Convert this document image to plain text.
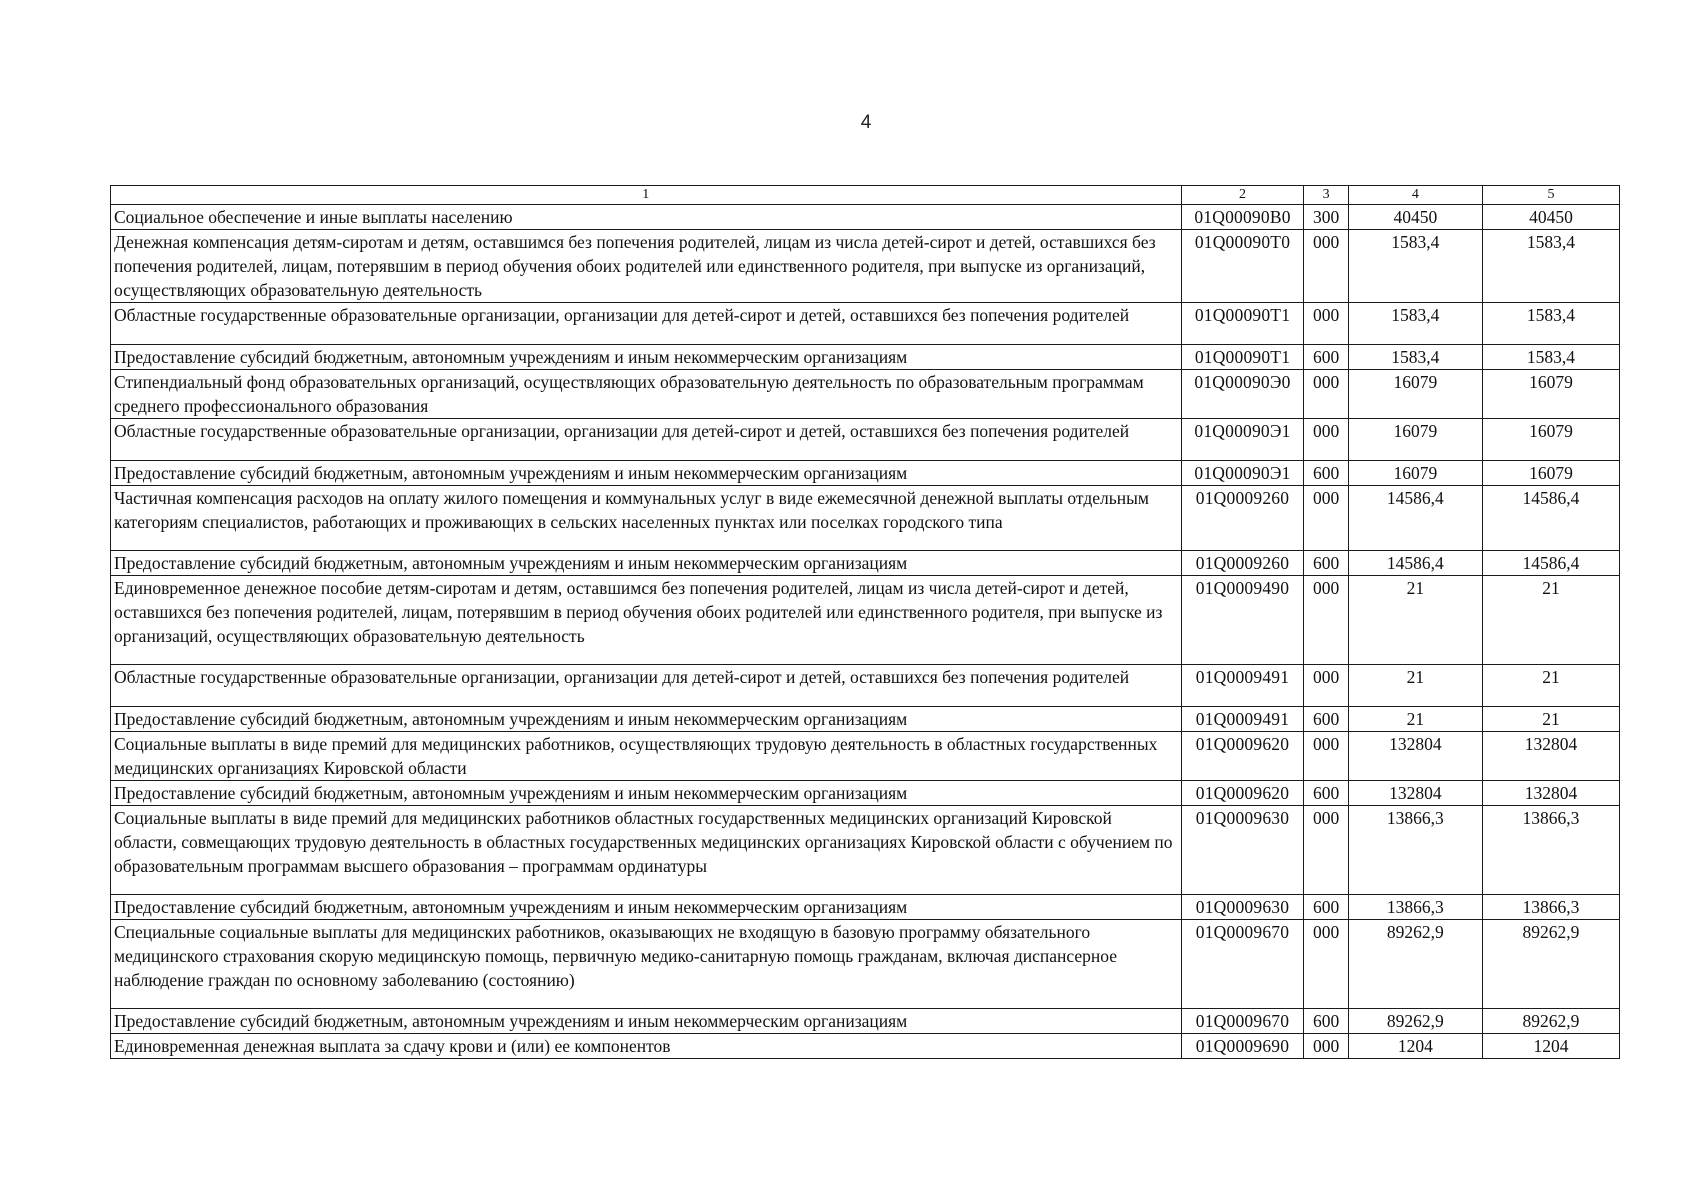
4
1	2	3	4	5
Социальное обеспечение и иные выплаты населению	01Q00090В0	300	40450	40450
Денежная компенсация детям-сиротам и детям, оставшимся без попечения родителей, лицам из числа детей-сирот и детей, оставшихся без попечения родителей, лицам, потерявшим в период обучения обоих родителей или единственного родителя, при выпуске из организаций, осуществляющих образовательную деятельность	01Q00090Т0	000	1583,4	1583,4
Областные государственные образовательные организации, организации для детей-сирот и детей, оставшихся без попечения родителей	01Q00090Т1	000	1583,4	1583,4
Предоставление субсидий бюджетным, автономным учреждениям и иным некоммерческим организациям	01Q00090Т1	600	1583,4	1583,4
Стипендиальный фонд образовательных организаций, осуществляющих образовательную деятельность по образовательным программам среднего профессионального образования	01Q00090Э0	000	16079	16079
Областные государственные образовательные организации, организации для детей-сирот и детей, оставшихся без попечения родителей	01Q00090Э1	000	16079	16079
Предоставление субсидий бюджетным, автономным учреждениям и иным некоммерческим организациям	01Q00090Э1	600	16079	16079
Частичная компенсация расходов на оплату жилого помещения и коммунальных услуг в виде ежемесячной денежной выплаты отдельным категориям специалистов, работающих и проживающих в сельских населенных пунктах или поселках городского типа	01Q0009260	000	14586,4	14586,4
Предоставление субсидий бюджетным, автономным учреждениям и иным некоммерческим организациям	01Q0009260	600	14586,4	14586,4
Единовременное денежное пособие детям-сиротам и детям, оставшимся без попечения родителей, лицам из числа детей-сирот и детей, оставшихся без попечения родителей, лицам, потерявшим в период обучения обоих родителей или единственного родителя, при выпуске из организаций, осуществляющих образовательную деятельность	01Q0009490	000	21	21
Областные государственные образовательные организации, организации для детей-сирот и детей, оставшихся без попечения родителей	01Q0009491	000	21	21
Предоставление субсидий бюджетным, автономным учреждениям и иным некоммерческим организациям	01Q0009491	600	21	21
Социальные выплаты в виде премий для медицинских работников, осуществляющих трудовую деятельность в областных государственных медицинских организациях Кировской области	01Q0009620	000	132804	132804
Предоставление субсидий бюджетным, автономным учреждениям и иным некоммерческим организациям	01Q0009620	600	132804	132804
Социальные выплаты в виде премий для медицинских работников областных государственных медицинских организаций Кировской области, совмещающих трудовую деятельность в областных государственных медицинских организациях Кировской области с обучением по образовательным программам высшего образования – программам ординатуры	01Q0009630	000	13866,3	13866,3
Предоставление субсидий бюджетным, автономным учреждениям и иным некоммерческим организациям	01Q0009630	600	13866,3	13866,3
Специальные социальные выплаты для медицинских работников, оказывающих не входящую в базовую программу обязательного медицинского страхования скорую медицинскую помощь, первичную медико-санитарную помощь гражданам, включая диспансерное наблюдение граждан по основному заболеванию (состоянию)	01Q0009670	000	89262,9	89262,9
Предоставление субсидий бюджетным, автономным учреждениям и иным некоммерческим организациям	01Q0009670	600	89262,9	89262,9
Единовременная денежная выплата за сдачу крови и (или) ее компонентов	01Q0009690	000	1204	1204
